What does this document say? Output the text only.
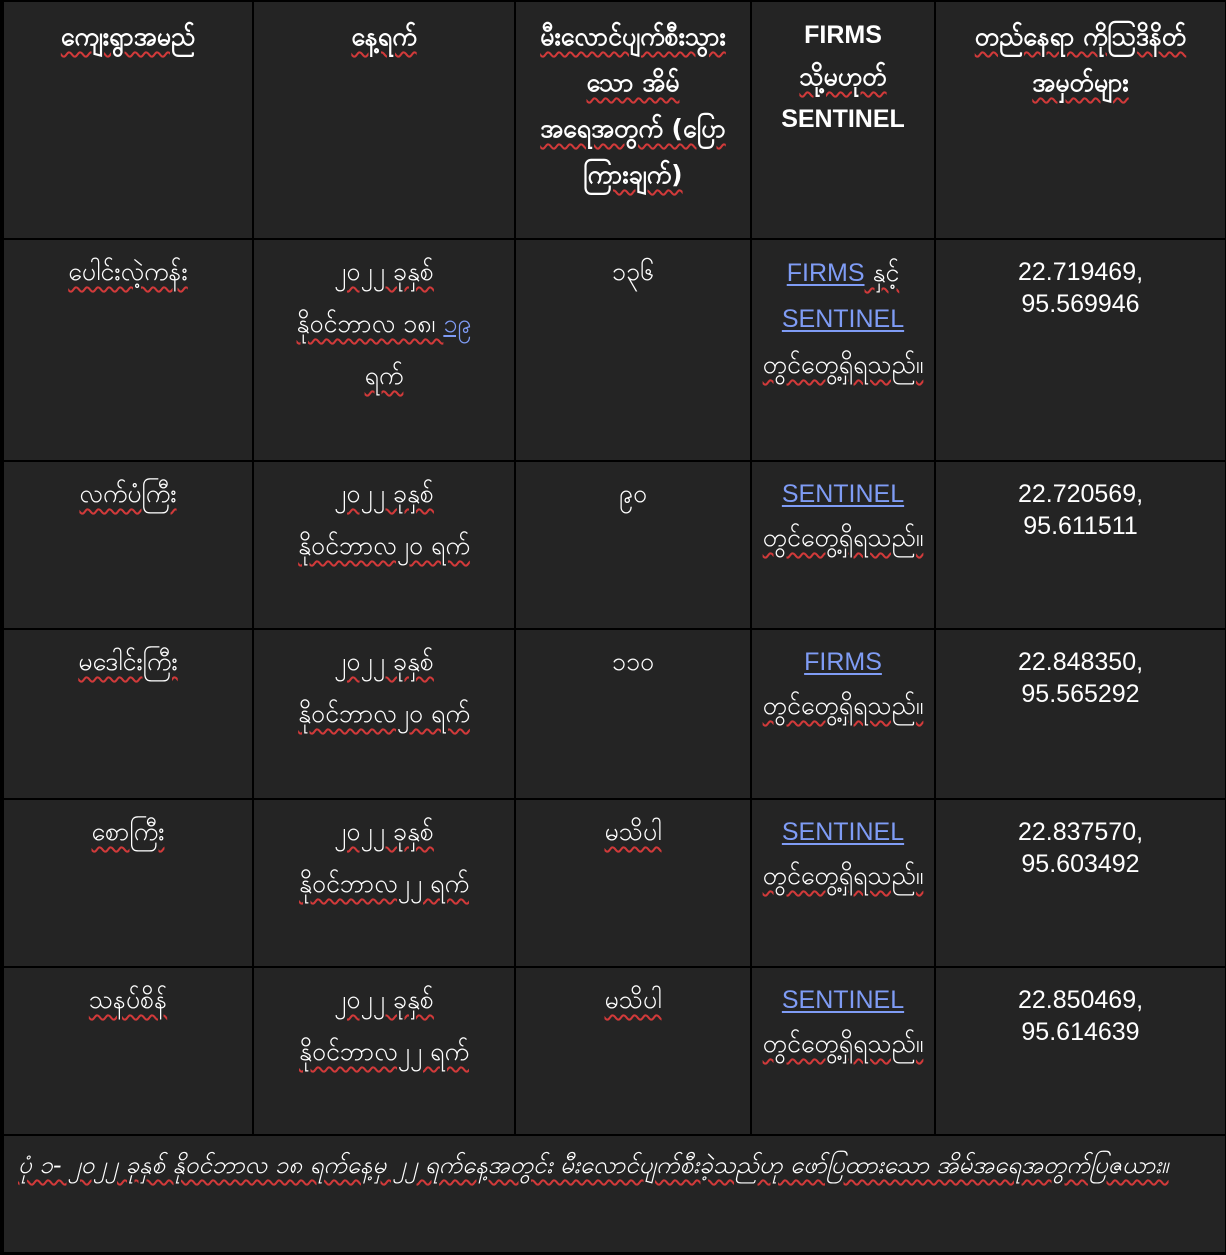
ကျေးရွာအမည်	နေ့ရက်	မီးလောင်ပျက်စီးသွားသော အိမ်အရေအတွက် (ပြောကြားချက်)	FIRMS
သို့မဟုတ်
SENTINEL	တည်နေရာ ကိုသြဒိနိတ် အမှတ်များ
ပေါင်းလဲ့ကန်း	၂၀၂၂ ခုနှစ်
နိုဝင်ဘာလ ၁၈၊ ၁၉
ရက်	၁၃၆	FIRMS နှင့်
SENTINEL
တွင်တွေ့ရှိရသည်။	22.719469,
95.569946

လက်ပံကြီး	၂၀၂၂ ခုနှစ်
နိုဝင်ဘာလ၂၀ ရက်	၉၀	SENTINEL
တွင်တွေ့ရှိရသည်။	22.720569,
95.611511

မဒေါင်းကြီး	၂၀၂၂ ခုနှစ်
နိုဝင်ဘာလ၂၀ ရက်	၁၁၀	FIRMS
တွင်တွေ့ရှိရသည်။	22.848350,
95.565292

စောကြီး	၂၀၂၂ ခုနှစ်
နိုဝင်ဘာလ၂၂ ရက်	မသိပါ	SENTINEL
တွင်တွေ့ရှိရသည်။	22.837570,
95.603492

သနပ်စိန်	၂၀၂၂ ခုနှစ်
နိုဝင်ဘာလ၂၂ ရက်	မသိပါ	SENTINEL
တွင်တွေ့ရှိရသည်။	22.850469,
95.614639

ပုံ ၁- ၂၀၂၂ ခုနှစ် နိုဝင်ဘာလ ၁၈ ရက်နေ့မှ ၂၂ ရက်နေ့အတွင်း မီးလောင်ပျက်စီးခဲ့သည်ဟု ဖော်ပြထားသော အိမ်အရေအတွက်ပြဇယား။				
